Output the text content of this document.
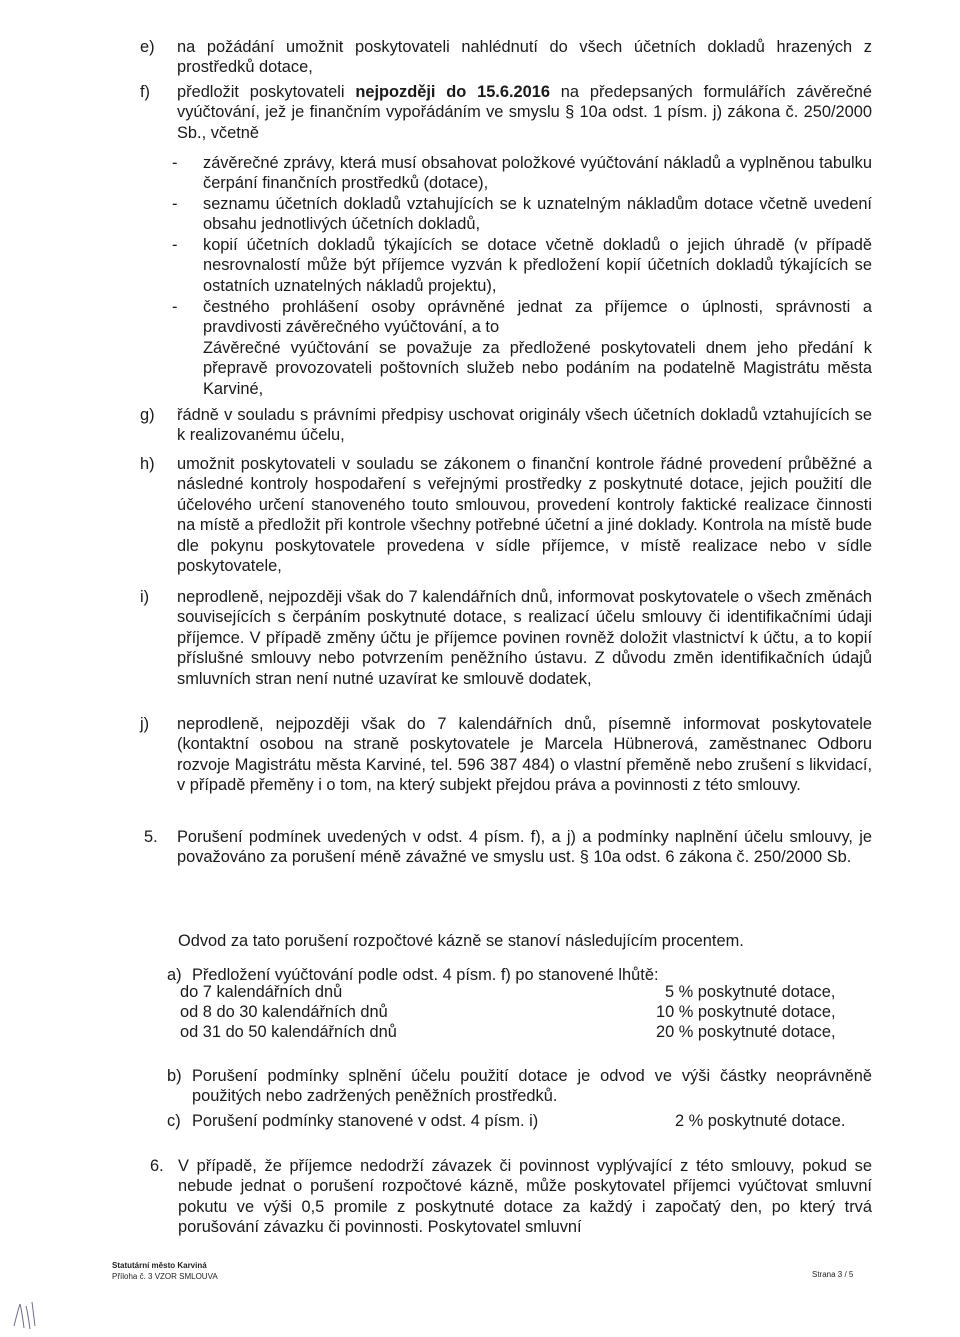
e) na požádání umožnit poskytovateli nahlédnutí do všech účetních dokladů hrazených z prostředků dotace,
f) předložit poskytovateli nejpozději do 15.6.2016 na předepsaných formulářích závěrečné vyúčtování, jež je finančním vypořádáním ve smyslu § 10a odst. 1 písm. j) zákona č. 250/2000 Sb., včetně
- závěrečné zprávy, která musí obsahovat položkové vyúčtování nákladů a vyplněnou tabulku čerpání finančních prostředků (dotace),
- seznamu účetních dokladů vztahujících se k uznatelným nákladům dotace včetně uvedení obsahu jednotlivých účetních dokladů,
- kopií účetních dokladů týkajících se dotace včetně dokladů o jejich úhradě (v případě nesrovnalostí může být příjemce vyzván k předložení kopií účetních dokladů týkajících se ostatních uznatelných nákladů projektu),
- čestného prohlášení osoby oprávněné jednat za příjemce o úplnosti, správnosti a pravdivosti závěrečného vyúčtování, a to
Závěrečné vyúčtování se považuje za předložené poskytovateli dnem jeho předání k přepravě provozovateli poštovních služeb nebo podáním na podatelně Magistrátu města Karviné,
g) řádně v souladu s právními předpisy uschovat originály všech účetních dokladů vztahujících se k realizovanému účelu,
h) umožnit poskytovateli v souladu se zákonem o finanční kontrole řádné provedení průběžné a následné kontroly hospodaření s veřejnými prostředky z poskytnuté dotace, jejich použití dle účelového určení stanoveného touto smlouvou, provedení kontroly faktické realizace činnosti na místě a předložit při kontrole všechny potřebné účetní a jiné doklady. Kontrola na místě bude dle pokynu poskytovatele provedena v sídle příjemce, v místě realizace nebo v sídle poskytovatele,
i) neprodleně, nejpozději však do 7 kalendářních dnů, informovat poskytovatele o všech změnách souvisejících s čerpáním poskytnuté dotace, s realizací účelu smlouvy či identifikačními údaji příjemce. V případě změny účtu je příjemce povinen rovněž doložit vlastnictví k účtu, a to kopií příslušné smlouvy nebo potvrzením peněžního ústavu. Z důvodu změn identifikačních údajů smluvních stran není nutné uzavírat ke smlouvě dodatek,
j) neprodleně, nejpozději však do 7 kalendářních dnů, písemně informovat poskytovatele (kontaktní osobou na straně poskytovatele je Marcela Hübnerová, zaměstnanec Odboru rozvoje Magistrátu města Karviné, tel. 596 387 484) o vlastní přeměně nebo zrušení s likvidací, v případě přeměny i o tom, na který subjekt přejdou práva a povinnosti z této smlouvy.
5. Porušení podmínek uvedených v odst. 4 písm. f), a j) a podmínky naplnění účelu smlouvy, je považováno za porušení méně závažné ve smyslu ust. § 10a odst. 6 zákona č. 250/2000 Sb.
Odvod za tato porušení rozpočtové kázně se stanoví následujícím procentem.
a) Předložení vyúčtování podle odst. 4 písm. f) po stanovené lhůtě:
do 7 kalendářních dnů	5 % poskytnuté dotace,
od 8 do 30 kalendářních dnů	10 % poskytnuté dotace,
od 31 do 50 kalendářních dnů	20 % poskytnuté dotace,
b) Porušení podmínky splnění účelu použití dotace je odvod ve výši částky neoprávněně použitých nebo zadržených peněžních prostředků.
c) Porušení podmínky stanovené v odst. 4 písm. i)	2 % poskytnuté dotace.
6. V případě, že příjemce nedodrží závazek či povinnost vyplývající z této smlouvy, pokud se nebude jednat o porušení rozpočtové kázně, může poskytovatel příjemci vyúčtovat smluvní pokutu ve výši 0,5 promile z poskytnuté dotace za každý i započatý den, po který trvá porušování závazku či povinnosti. Poskytovatel smluvní
Statutární město Karviná
Příloha č. 3 VZOR SMLOUVA	Strana 3 / 5
